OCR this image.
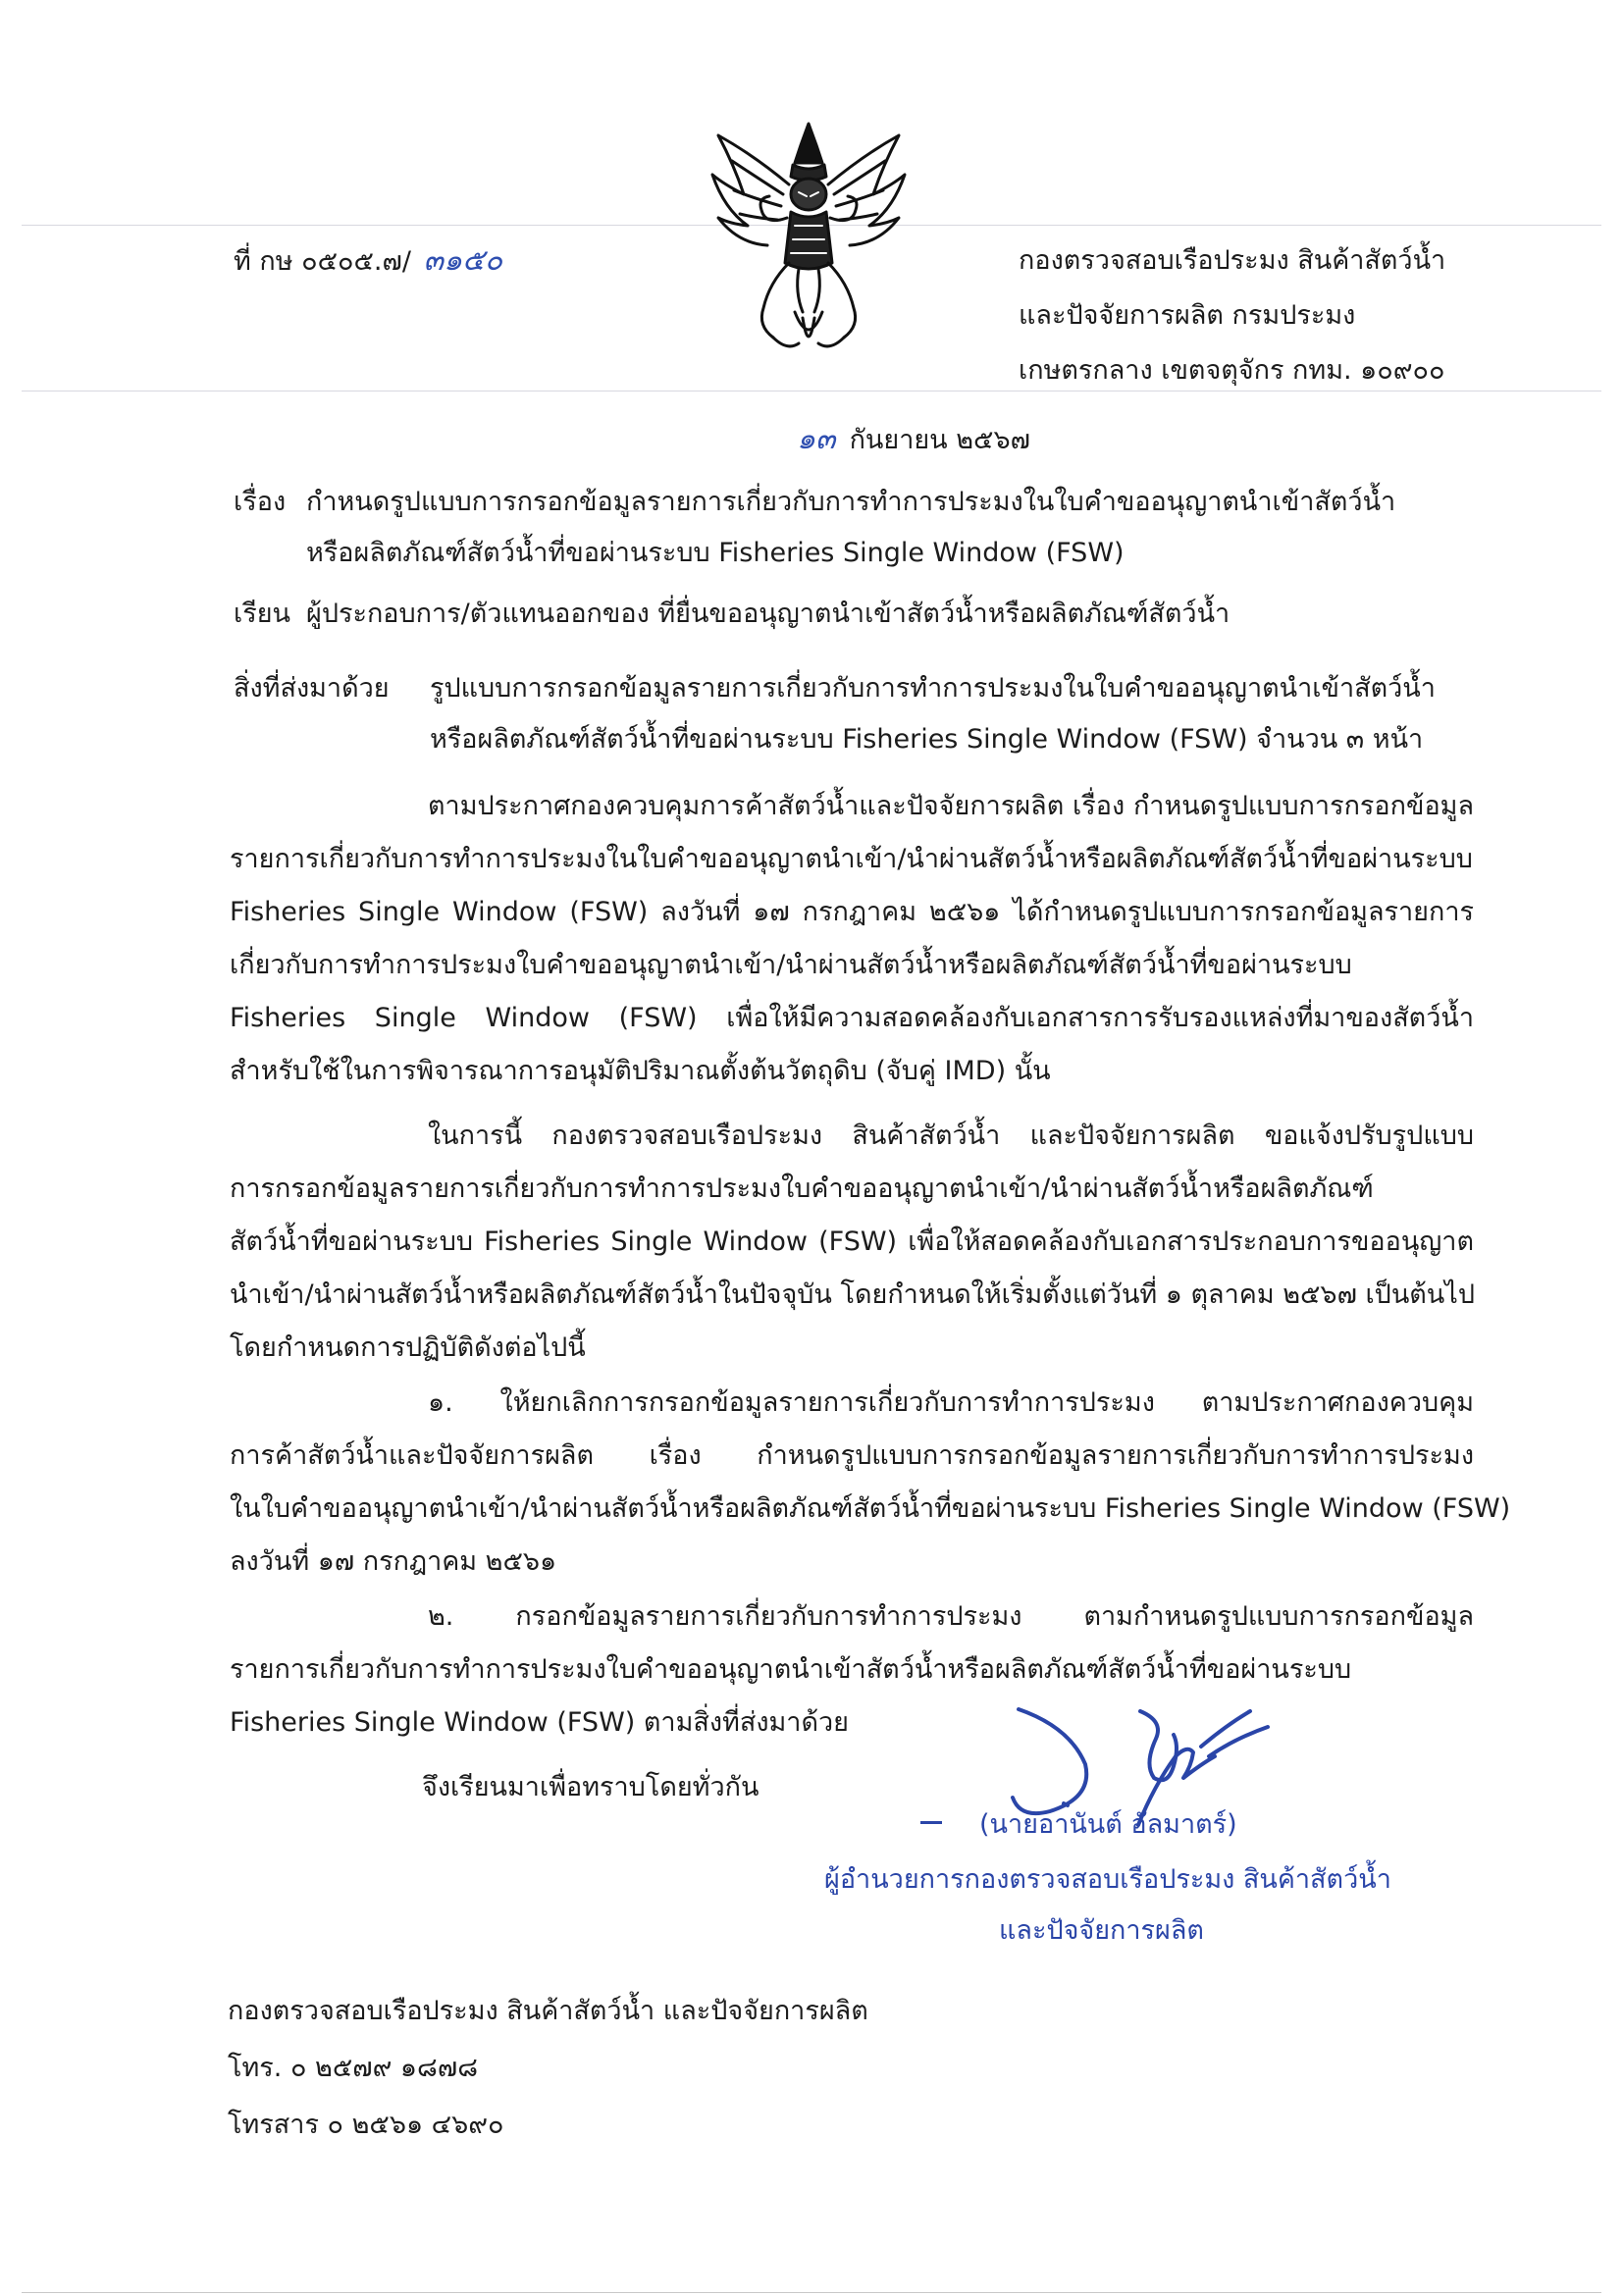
ที่ กษ ๐๕๐๕.๗/ ๓๑๕๐	กองตรวจสอบเรือประมง สินค้าสัตว์น้ำ
และปัจจัยการผลิต กรมประมง
เกษตรกลาง เขตจตุจักร กทม. ๑๐๙๐๐
๑๓ กันยายน ๒๕๖๗
เรื่อง กำหนดรูปแบบการกรอกข้อมูลรายการเกี่ยวกับการทำการประมงในใบคำขออนุญาตนำเข้าสัตว์น้ำ
หรือผลิตภัณฑ์สัตว์น้ำที่ขอผ่านระบบ Fisheries Single Window (FSW)
เรียน ผู้ประกอบการ/ตัวแทนออกของ ที่ยื่นขออนุญาตนำเข้าสัตว์น้ำหรือผลิตภัณฑ์สัตว์น้ำ
สิ่งที่ส่งมาด้วย รูปแบบการกรอกข้อมูลรายการเกี่ยวกับการทำการประมงในใบคำขออนุญาตนำเข้าสัตว์น้ำ
หรือผลิตภัณฑ์สัตว์น้ำที่ขอผ่านระบบ Fisheries Single Window (FSW) จำนวน ๓ หน้า
ตามประกาศกองควบคุมการค้าสัตว์น้ำและปัจจัยการผลิต เรื่อง กำหนดรูปแบบการกรอกข้อมูล
รายการเกี่ยวกับการทำการประมงในใบคำขออนุญาตนำเข้า/นำผ่านสัตว์น้ำหรือผลิตภัณฑ์สัตว์น้ำที่ขอผ่านระบบ
Fisheries Single Window (FSW) ลงวันที่ ๑๗ กรกฎาคม ๒๕๖๑ ได้กำหนดรูปแบบการกรอกข้อมูลรายการ
เกี่ยวกับการทำการประมงใบคำขออนุญาตนำเข้า/นำผ่านสัตว์น้ำหรือผลิตภัณฑ์สัตว์น้ำที่ขอผ่านระบบ
Fisheries Single Window (FSW) เพื่อให้มีความสอดคล้องกับเอกสารการรับรองแหล่งที่มาของสัตว์น้ำ
สำหรับใช้ในการพิจารณาการอนุมัติปริมาณตั้งต้นวัตถุดิบ (จับคู่ IMD) นั้น
ในการนี้ กองตรวจสอบเรือประมง สินค้าสัตว์น้ำ และปัจจัยการผลิต ขอแจ้งปรับรูปแบบ
การกรอกข้อมูลรายการเกี่ยวกับการทำการประมงใบคำขออนุญาตนำเข้า/นำผ่านสัตว์น้ำหรือผลิตภัณฑ์
สัตว์น้ำที่ขอผ่านระบบ Fisheries Single Window (FSW) เพื่อให้สอดคล้องกับเอกสารประกอบการขออนุญาต
นำเข้า/นำผ่านสัตว์น้ำหรือผลิตภัณฑ์สัตว์น้ำในปัจจุบัน โดยกำหนดให้เริ่มตั้งแต่วันที่ ๑ ตุลาคม ๒๕๖๗ เป็นต้นไป
โดยกำหนดการปฏิบัติดังต่อไปนี้
๑. ให้ยกเลิกการกรอกข้อมูลรายการเกี่ยวกับการทำการประมง ตามประกาศกองควบคุม
การค้าสัตว์น้ำและปัจจัยการผลิต เรื่อง กำหนดรูปแบบการกรอกข้อมูลรายการเกี่ยวกับการทำการประมง
ในใบคำขออนุญาตนำเข้า/นำผ่านสัตว์น้ำหรือผลิตภัณฑ์สัตว์น้ำที่ขอผ่านระบบ Fisheries Single Window (FSW)
ลงวันที่ ๑๗ กรกฎาคม ๒๕๖๑
๒. กรอกข้อมูลรายการเกี่ยวกับการทำการประมง ตามกำหนดรูปแบบการกรอกข้อมูล
รายการเกี่ยวกับการทำการประมงใบคำขออนุญาตนำเข้าสัตว์น้ำหรือผลิตภัณฑ์สัตว์น้ำที่ขอผ่านระบบ
Fisheries Single Window (FSW) ตามสิ่งที่ส่งมาด้วย
จึงเรียนมาเพื่อทราบโดยทั่วกัน
(นายอานันต์ อัลมาตร์)
ผู้อำนวยการกองตรวจสอบเรือประมง สินค้าสัตว์น้ำ
และปัจจัยการผลิต
กองตรวจสอบเรือประมง สินค้าสัตว์น้ำ และปัจจัยการผลิต
โทร. ๐ ๒๕๗๙ ๑๘๗๘
โทรสาร ๐ ๒๕๖๑ ๔๖๙๐
